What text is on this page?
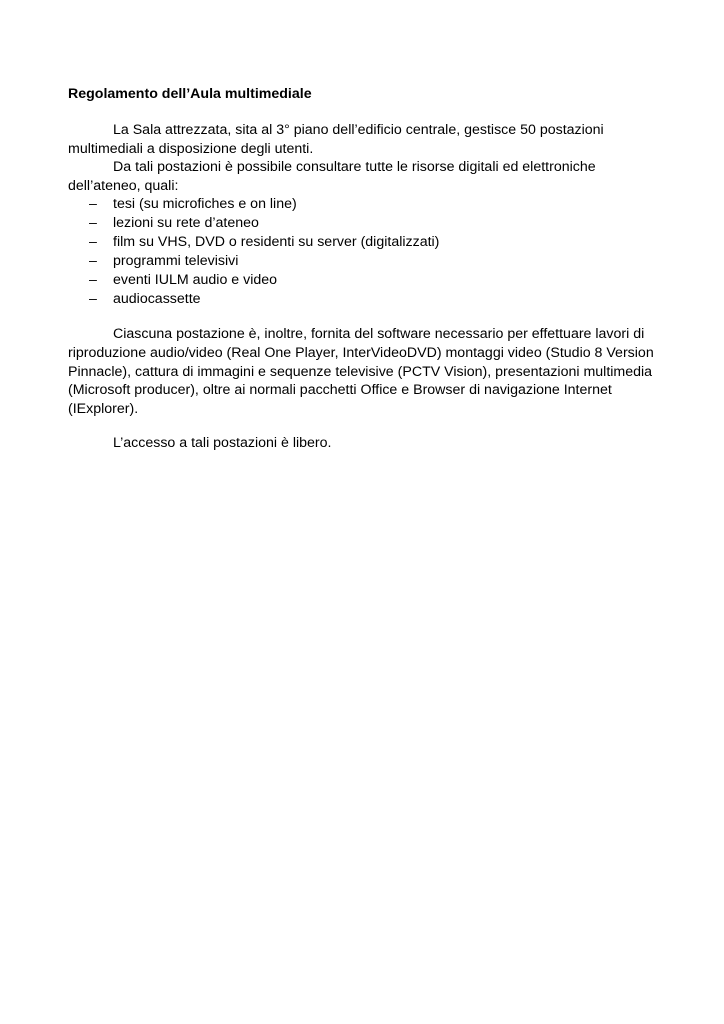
Regolamento dell’Aula multimediale

La Sala attrezzata, sita al 3° piano dell’edificio centrale, gestisce 50 postazioni multimediali a disposizione degli utenti.

Da tali postazioni è possibile consultare tutte le risorse digitali ed elettroniche dell’ateneo, quali:

– tesi (su microfiches e on line)
– lezioni su rete d’ateneo
– film su VHS, DVD o residenti su server (digitalizzati)
– programmi televisivi
– eventi IULM audio e video
– audiocassette

Ciascuna postazione è, inoltre, fornita del software necessario per effettuare lavori di riproduzione audio/video (Real One Player, InterVideoDVD) montaggi video (Studio 8 Version Pinnacle), cattura di immagini e sequenze televisive (PCTV Vision), presentazioni multimedia (Microsoft producer), oltre ai normali pacchetti Office e Browser di navigazione Internet (IExplorer).

L’accesso a tali postazioni è libero.
